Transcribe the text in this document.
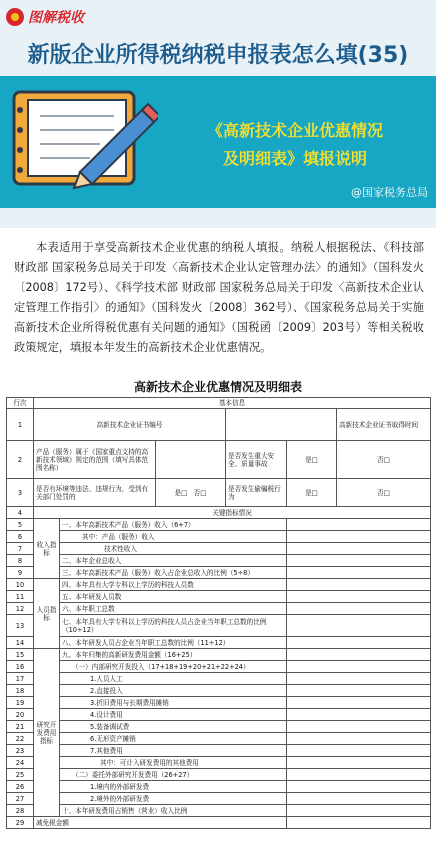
图解税收
新版企业所得税纳税申报表怎么填(35)
《高新技术企业优惠情况
及明细表》填报说明
@国家税务总局
本表适用于享受高新技术企业优惠的纳税人填报。纳税人根据税法、《科技部 财政部 国家税务总局关于印发〈高新技术企业认定管理办法〉的通知》（国科发火〔2008〕172号）、《科学技术部 财政部 国家税务总局关于印发〈高新技术企业认定管理工作指引〉的通知》（国科发火〔2008〕362号）、《国家税务总局关于实施高新技术企业所得税优惠有关问题的通知》（国税函〔2009〕203号）等相关税收政策规定，填报本年发生的高新技术企业优惠情况。
高新技术企业优惠情况及明细表
行次	基本信息					
1	高新技术企业证书编号					高新技术企业证书取得时间
2	产品（服务）属于《国家重点支持的高新技术领域》规定的范围（填写具体范围名称）			是否发生重大安全、质量事故	是□	否□
3	是否有环境等违法、违规行为，受到有关部门处罚的		是□ 否□	是否发生偷骗税行为	是□	否□
4	关键指标情况					
5	收入指标	一、本年高新技术产品（服务）收入（6+7）				
6		其中：产品（服务）收入				
7		技术性收入				
8		二、本年企业总收入				
9		三、本年高新技术产品（服务）收入占企业总收入的比例（5÷8）				
10	人员指标	四、本年具有大学专科以上学历的科技人员数				
11		五、本年研发人员数				
12		六、本年职工总数				
13		七、本年具有大学专科以上学历的科技人员占企业当年职工总数的比例（10÷12）				
14		八、本年研发人员占企业当年职工总数的比例（11÷12）				
15	研究开发费用指标	九、本年归集的高新研发费用金额（16+25）				
16		（一）内部研究开发投入（17+18+19+20+21+22+24）				
17		1.人员人工				
18		2.直接投入				
19		3.折旧费用与长期费用摊销				
20		4.设计费用				
21		5.装备调试费				
22		6.无形资产摊销				
23		7.其他费用				
24		其中：可计入研发费用的其他费用				
25		（二）委托外部研究开发费用（26+27）				
26		1.境内的外部研发费				
27		2.境外的外部研发费				
28		十、本年研发费用占销售（营业）收入比例				
29	减免税金额					
